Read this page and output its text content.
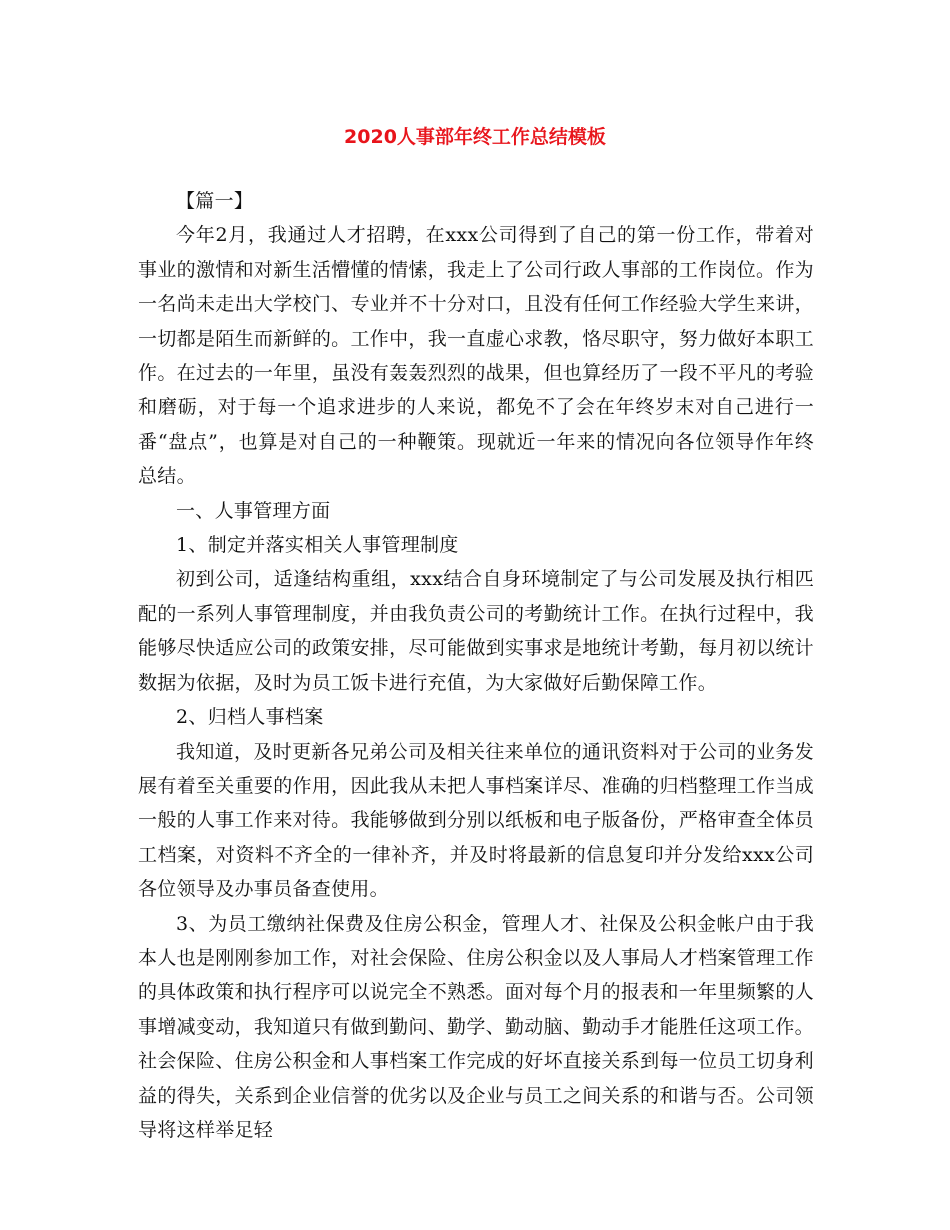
2020人事部年终工作总结模板

【篇一】

今年2月，我通过人才招聘，在xxx公司得到了自己的第一份工作，带着对事业的激情和对新生活懵懂的情愫，我走上了公司行政人事部的工作岗位。作为一名尚未走出大学校门、专业并不十分对口，且没有任何工作经验大学生来讲，一切都是陌生而新鲜的。工作中，我一直虚心求教，恪尽职守，努力做好本职工作。在过去的一年里，虽没有轰轰烈烈的战果，但也算经历了一段不平凡的考验和磨砺，对于每一个追求进步的人来说，都免不了会在年终岁末对自己进行一番“盘点”，也算是对自己的一种鞭策。现就近一年来的情况向各位领导作年终总结。

一、人事管理方面

1、制定并落实相关人事管理制度

初到公司，适逢结构重组，xxx结合自身环境制定了与公司发展及执行相匹配的一系列人事管理制度，并由我负责公司的考勤统计工作。在执行过程中，我能够尽快适应公司的政策安排，尽可能做到实事求是地统计考勤，每月初以统计数据为依据，及时为员工饭卡进行充值，为大家做好后勤保障工作。

2、归档人事档案

我知道，及时更新各兄弟公司及相关往来单位的通讯资料对于公司的业务发展有着至关重要的作用，因此我从未把人事档案详尽、准确的归档整理工作当成一般的人事工作来对待。我能够做到分别以纸板和电子版备份，严格审查全体员工档案，对资料不齐全的一律补齐，并及时将最新的信息复印并分发给xxx公司各位领导及办事员备查使用。

3、为员工缴纳社保费及住房公积金，管理人才、社保及公积金帐户由于我本人也是刚刚参加工作，对社会保险、住房公积金以及人事局人才档案管理工作的具体政策和执行程序可以说完全不熟悉。面对每个月的报表和一年里频繁的人事增减变动，我知道只有做到勤问、勤学、勤动脑、勤动手才能胜任这项工作。社会保险、住房公积金和人事档案工作完成的好坏直接关系到每一位员工切身利益的得失，关系到企业信誉的优劣以及企业与员工之间关系的和谐与否。公司领导将这样举足轻
